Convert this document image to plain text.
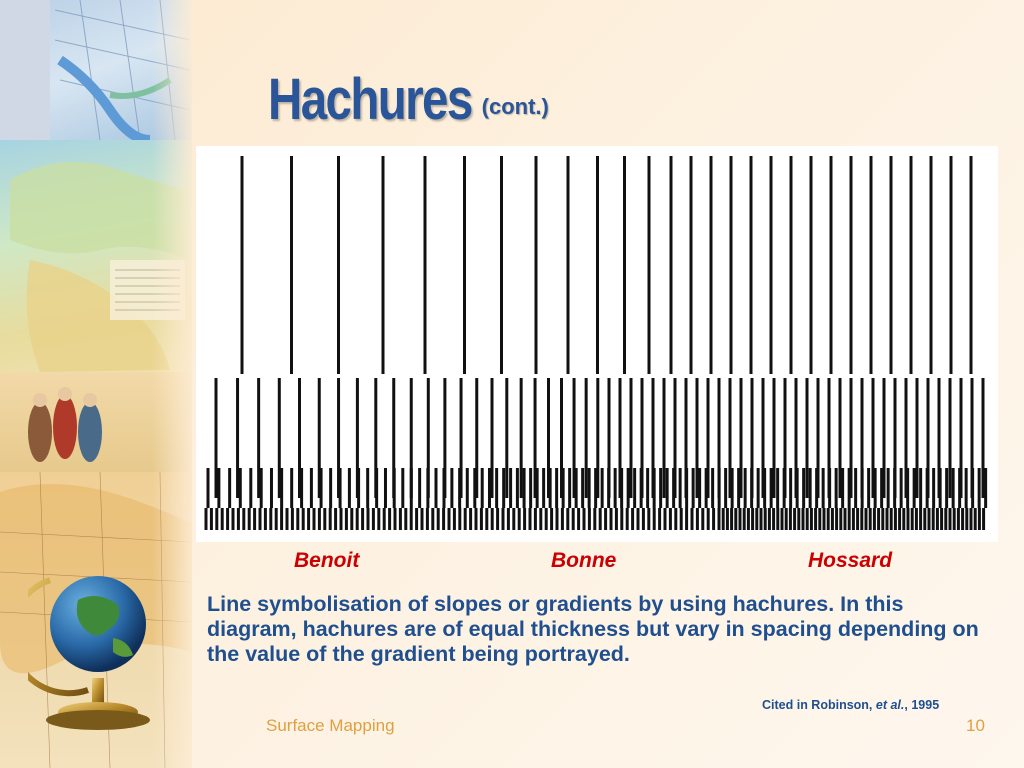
Hachures
Benoit	Bonne	Hossard
Line symbolisation of slopes or gradients by using hachures. In this diagram, hachures are of equal thickness but vary in spacing depending on the value of the gradient being portrayed.
Cited in Robinson, et al., 1995
Surface Mapping	10
(cont.)
